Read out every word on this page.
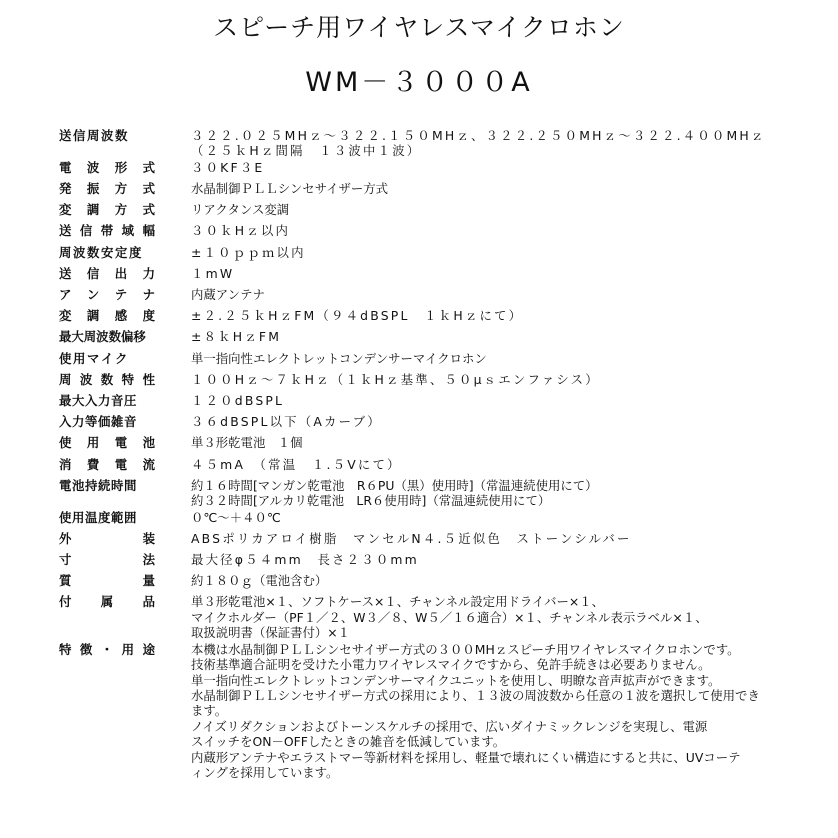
スピーチ用ワイヤレスマイクロホン
WM－３０００A
送 信 周 波 数	３２２.０２５MHｚ～３２２.１５０MHｚ、３２２.２５０MHｚ～３２２.４００MHｚ
（２５ｋHｚ間隔　１３波中１波）
電 波 形 式	３０KF３E
発 振 方 式	水晶制御ＰＬＬシンセサイザー方式
変 調 方 式	リアクタンス変調
送 信 帯 域 幅	３０ｋHｚ以内
周 波 数 安 定 度	±１０ｐｐｍ以内
送 信 出 力	１mW
ア ン テ ナ	内蔵アンテナ
変 調 感 度	±２.２５ｋHｚFM（９４dBSPL　１ｋHｚにて）
最 大 周 波 数 偏 移	±８ｋHｚFM
使 用 マ イ ク	単一指向性エレクトレットコンデンサーマイクロホン
周 波 数 特 性	１００Hｚ～７ｋHｚ（１ｋHｚ基準、５０μｓエンファシス）
最 大 入 力 音 圧	１２０dBSPL
入 力 等 価 雑 音	３６dBSPL以下（Aカーブ）
使 用 電 池	単３形乾電池　１個
消 費 電 流	４５mA　（常温　１.５Vにて）
電 池 持 続 時 間	約１６時間[マンガン乾電池　R６PU（黒）使用時]（常温連続使用にて）
約３２時間[アルカリ乾電池　LR６使用時]（常温連続使用にて）
使 用 温 度 範 囲	０℃～＋４０℃
外	装	ABSポリカアロイ樹脂　マンセルN４.５近似色　ストーンシルバー
寸	法	最大径φ５４mm　長さ２３０mm
質	量	約１８０ｇ（電池含む）
付 属 品	単３形乾電池×１、ソフトケース×１、チャンネル設定用ドライバー×１、
マイクホルダー（PF１／２、W３／８、W５／１６適合）×１、チャンネル表示ラベル×１、
取扱説明書（保証書付）×１
特 徴 ・ 用 途	本機は水晶制御ＰＬＬシンセサイザー方式の３００MHｚスピーチ用ワイヤレスマイクロホンです。
技術基準適合証明を受けた小電力ワイヤレスマイクですから、免許手続きは必要ありません。
単一指向性エレクトレットコンデンサーマイクユニットを使用し、明瞭な音声拡声ができます。
水晶制御ＰＬＬシンセサイザー方式の採用により、１３波の周波数から任意の１波を選択して使用でき
ます。
ノイズリダクションおよびトーンスケルチの採用で、広いダイナミックレンジを実現し、電源
スイッチをON－OFFしたときの雑音を低減しています。
内蔵形アンテナやエラストマー等新材料を採用し、軽量で壊れにくい構造にすると共に、UVコーテ
ィングを採用しています。
